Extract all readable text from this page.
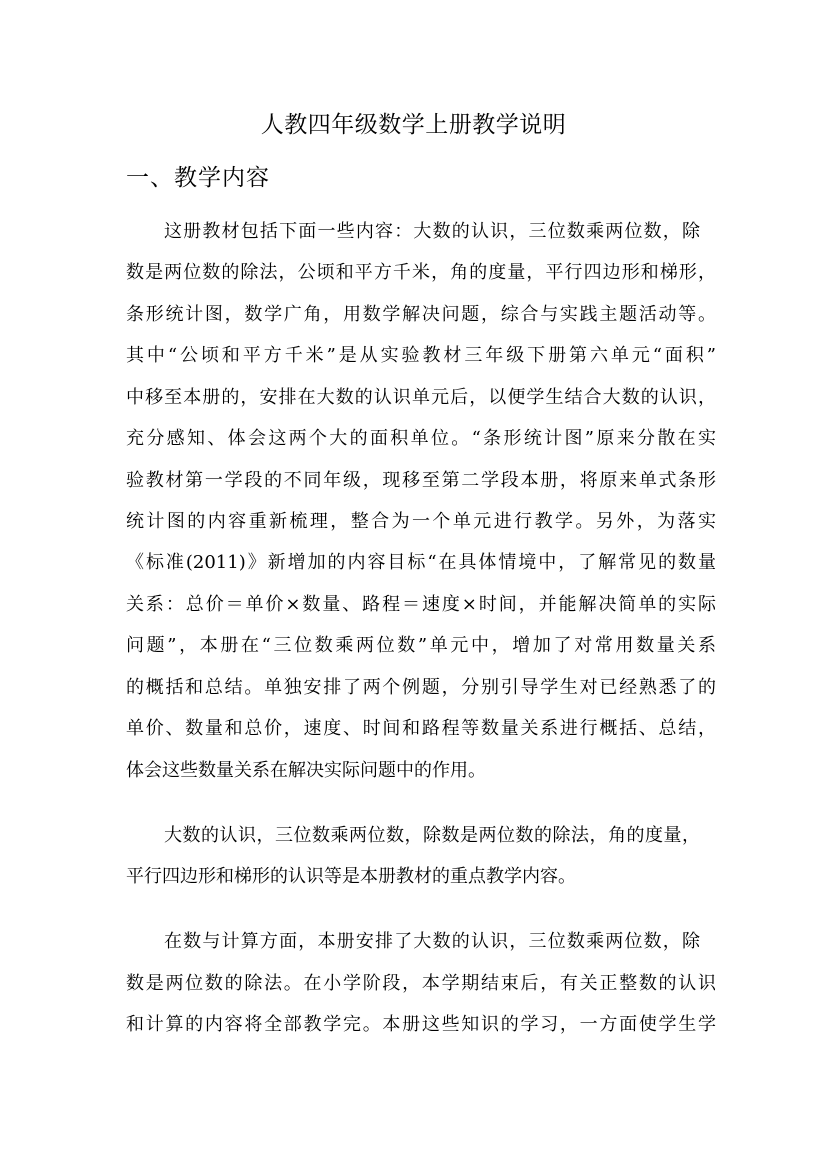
人教四年级数学上册教学说明
一、教学内容
这册教材包括下面一些内容：大数的认识，三位数乘两位数，除
数是两位数的除法，公顷和平方千米，角的度量，平行四边形和梯形，
条形统计图，数学广角，用数学解决问题，综合与实践主题活动等。
其中“公顷和平方千米”是从实验教材三年级下册第六单元“面积”
中移至本册的，安排在大数的认识单元后，以便学生结合大数的认识，
充分感知、体会这两个大的面积单位。“条形统计图”原来分散在实
验教材第一学段的不同年级，现移至第二学段本册，将原来单式条形
统计图的内容重新梳理，整合为一个单元进行教学。另外，为落实
《标准(2011)》新增加的内容目标“在具体情境中，了解常见的数量
关系：总价＝单价×数量、路程＝速度×时间，并能解决简单的实际
问题”，本册在“三位数乘两位数”单元中，增加了对常用数量关系
的概括和总结。单独安排了两个例题，分别引导学生对已经熟悉了的
单价、数量和总价，速度、时间和路程等数量关系进行概括、总结，
体会这些数量关系在解决实际问题中的作用。
大数的认识，三位数乘两位数，除数是两位数的除法，角的度量，
平行四边形和梯形的认识等是本册教材的重点教学内容。
在数与计算方面，本册安排了大数的认识，三位数乘两位数，除
数是两位数的除法。在小学阶段，本学期结束后，有关正整数的认识
和计算的内容将全部教学完。本册这些知识的学习，一方面使学生学
